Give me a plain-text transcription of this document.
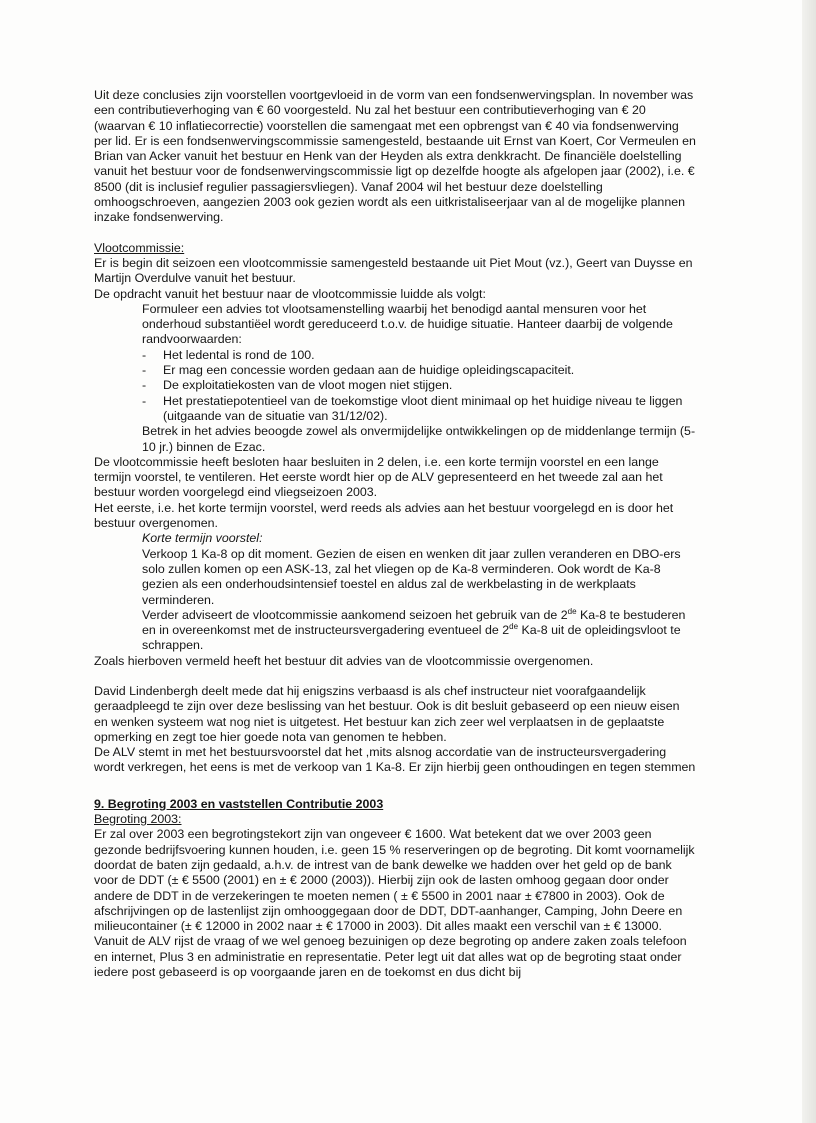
Uit deze conclusies zijn voorstellen voortgevloeid in de vorm van een fondsenwervingsplan. In november was een contributieverhoging van € 60 voorgesteld. Nu zal het bestuur een contributieverhoging van € 20 (waarvan € 10 inflatiecorrectie) voorstellen die samengaat met een opbrengst van € 40 via fondsenwerving per lid. Er is een fondsenwervingscommissie samengesteld, bestaande uit Ernst van Koert, Cor Vermeulen en Brian van Acker vanuit het bestuur en Henk van der Heyden als extra denkkracht. De financiële doelstelling vanuit het bestuur voor de fondsenwervingscommissie ligt op dezelfde hoogte als afgelopen jaar (2002), i.e. € 8500 (dit is inclusief regulier passagiersvliegen). Vanaf 2004 wil het bestuur deze doelstelling omhoogschroeven, aangezien 2003 ook gezien wordt als een uitkristaliseerjaar van al de mogelijke plannen inzake fondsenwerving.

Vlootcommissie:

Er is begin dit seizoen een vlootcommissie samengesteld bestaande uit Piet Mout (vz.), Geert van Duysse en Martijn Overdulve vanuit het bestuur.

De opdracht vanuit het bestuur naar de vlootcommissie luidde als volgt:

Formuleer een advies tot vlootsamenstelling waarbij het benodigd aantal mensuren voor het onderhoud substantiëel wordt gereduceerd t.o.v. de huidige situatie. Hanteer daarbij de volgende randvoorwaarden:

- Het ledental is rond de 100.
- Er mag een concessie worden gedaan aan de huidige opleidingscapaciteit.
- De exploitatiekosten van de vloot mogen niet stijgen.
- Het prestatiepotentieel van de toekomstige vloot dient minimaal op het huidige niveau te liggen (uitgaande van de situatie van 31/12/02).

Betrek in het advies beoogde zowel als onvermijdelijke ontwikkelingen op de middenlange termijn (5-10 jr.) binnen de Ezac.

De vlootcommissie heeft besloten haar besluiten in 2 delen, i.e. een korte termijn voorstel en een lange termijn voorstel, te ventileren. Het eerste wordt hier op de ALV gepresenteerd en het tweede zal aan het bestuur worden voorgelegd eind vliegseizoen 2003.

Het eerste, i.e. het korte termijn voorstel, werd reeds als advies aan het bestuur voorgelegd en is door het bestuur overgenomen.

Korte termijn voorstel:

Verkoop 1 Ka-8 op dit moment. Gezien de eisen en wenken dit jaar zullen veranderen en DBO-ers solo zullen komen op een ASK-13, zal het vliegen op de Ka-8 verminderen. Ook wordt de Ka-8 gezien als een onderhoudsintensief toestel en aldus zal de werkbelasting in de werkplaats verminderen.

Verder adviseert de vlootcommissie aankomend seizoen het gebruik van de 2de Ka-8 te bestuderen en in overeenkomst met de instructeursvergadering eventueel de 2de Ka-8 uit de opleidingsvloot te schrappen.

Zoals hierboven vermeld heeft het bestuur dit advies van de vlootcommissie overgenomen.

David Lindenbergh deelt mede dat hij enigszins verbaasd is als chef instructeur niet voorafgaandelijk geraadpleegd te zijn over deze beslissing van het bestuur. Ook is dit besluit gebaseerd op een nieuw eisen en wenken systeem wat nog niet is uitgetest. Het bestuur kan zich zeer wel verplaatsen in de geplaatste opmerking en zegt toe hier goede nota van genomen te hebben.

De ALV stemt in met het bestuursvoorstel dat het ,mits alsnog accordatie van de instructeursvergadering wordt verkregen, het eens is met de verkoop van 1 Ka-8. Er zijn hierbij geen onthoudingen en tegen stemmen

9. Begroting 2003 en vaststellen Contributie 2003

Begroting 2003:

Er zal over 2003 een begrotingstekort zijn van ongeveer € 1600. Wat betekent dat we over 2003 geen gezonde bedrijfsvoering kunnen houden, i.e. geen 15 % reserveringen op de begroting. Dit komt voornamelijk doordat de baten zijn gedaald, a.h.v. de intrest van de bank dewelke we hadden over het geld op de bank voor de DDT (± € 5500 (2001) en ± € 2000 (2003)). Hierbij zijn ook de lasten omhoog gegaan door onder andere de DDT in de verzekeringen te moeten nemen ( ± € 5500 in 2001 naar ± €7800 in 2003). Ook de afschrijvingen op de lastenlijst zijn omhooggegaan door de DDT, DDT-aanhanger, Camping, John Deere en milieucontainer (± € 12000 in 2002 naar ± € 17000 in 2003). Dit alles maakt een verschil van ± € 13000.

Vanuit de ALV rijst de vraag of we wel genoeg bezuinigen op deze begroting op andere zaken zoals telefoon en internet, Plus 3 en administratie en representatie. Peter legt uit dat alles wat op de begroting staat onder iedere post gebaseerd is op voorgaande jaren en de toekomst en dus dicht bij
